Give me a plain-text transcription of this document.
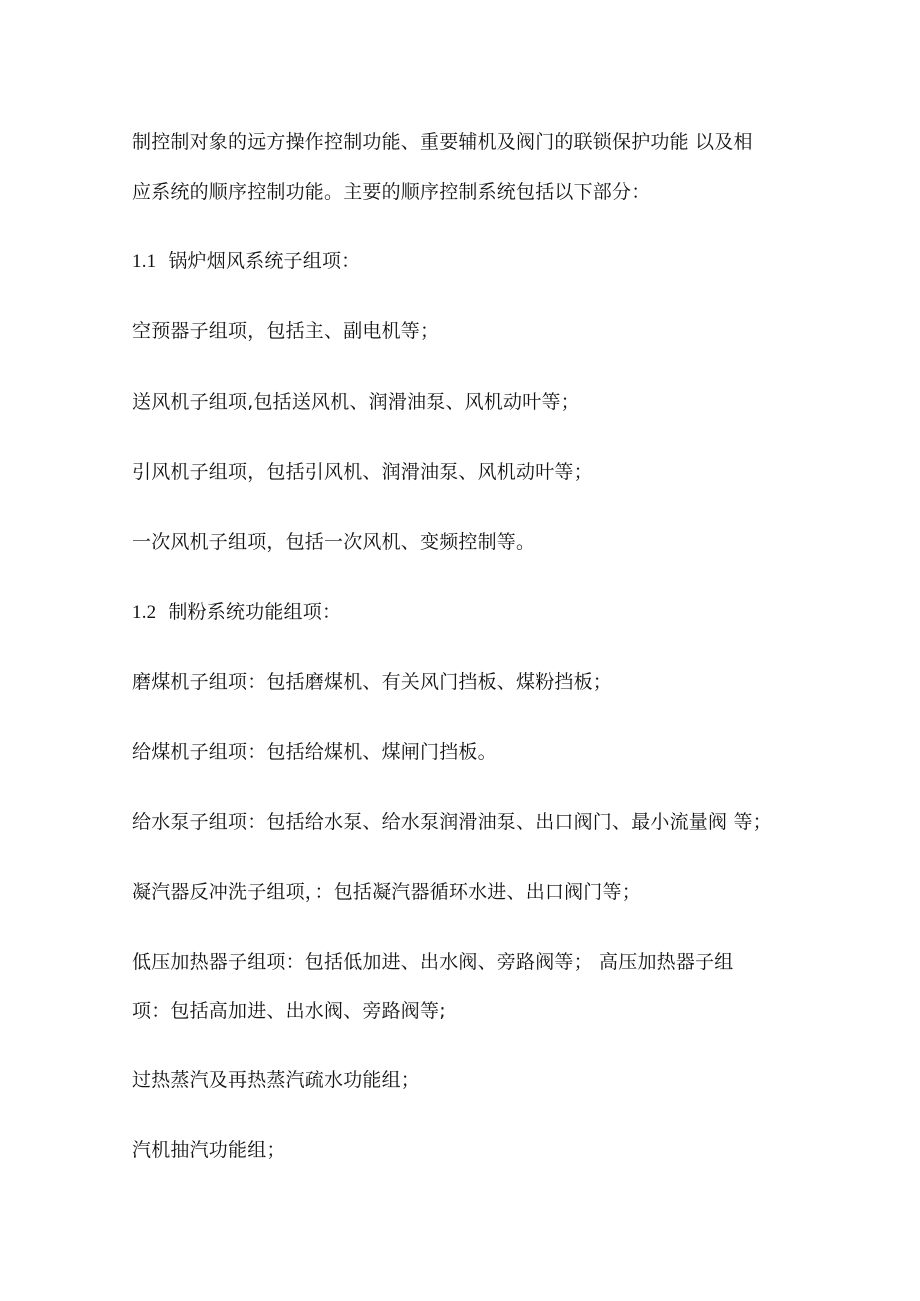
制控制对象的远方操作控制功能、重要辅机及阀门的联锁保护功能 以及相
应系统的顺序控制功能。主要的顺序控制系统包括以下部分：
1.1 锅炉烟风系统子组项：
空预器子组项，包括主、副电机等；
送风机子组项,包括送风机、润滑油泵、风机动叶等；
引风机子组项，包括引风机、润滑油泵、风机动叶等；
一次风机子组项，包括一次风机、变频控制等。
1.2 制粉系统功能组项：
磨煤机子组项：包括磨煤机、有关风门挡板、煤粉挡板；
给煤机子组项：包括给煤机、煤闸门挡板。
给水泵子组项：包括给水泵、给水泵润滑油泵、出口阀门、最小流量阀 等；
凝汽器反冲洗子组项，：包括凝汽器循环水进、出口阀门等；
低压加热器子组项：包括低加进、出水阀、旁路阀等； 高压加热器子组
项：包括高加进、出水阀、旁路阀等;
过热蒸汽及再热蒸汽疏水功能组；
汽机抽汽功能组；
